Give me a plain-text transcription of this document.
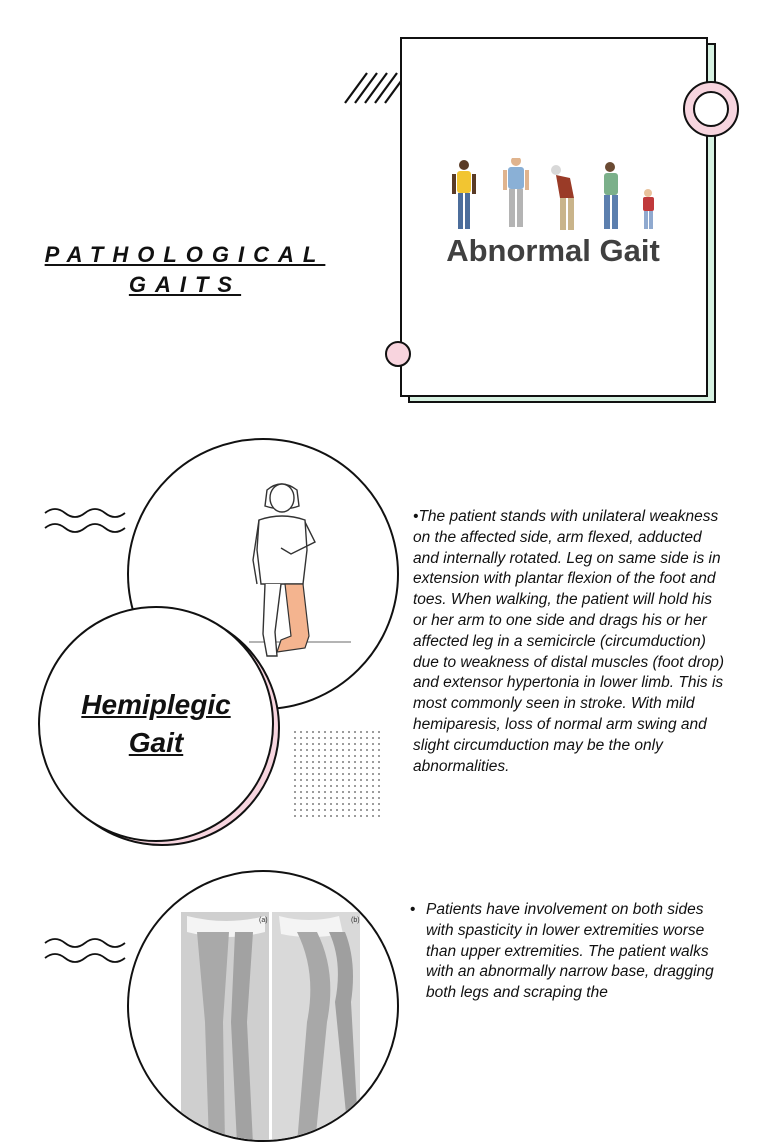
PATHOLOGICAL GAITS
Abnormal Gait
Hemiplegic Gait
•The patient stands with unilateral weakness on the affected side, arm flexed, adducted and internally rotated. Leg on same side is in extension with plantar flexion of the foot and toes. When walking, the patient will hold his or her arm to one side and drags his or her affected leg in a semicircle (circumduction) due to weakness of distal muscles (foot drop) and extensor hypertonia in lower limb. This is most commonly seen in stroke. With mild hemiparesis, loss of normal arm swing and slight circumduction may be the only abnormalities.
(a)	(b)
• Patients have involvement on both sides with spasticity in lower extremities worse than upper extremities. The patient walks with an abnormally narrow base, dragging both legs and scraping the
